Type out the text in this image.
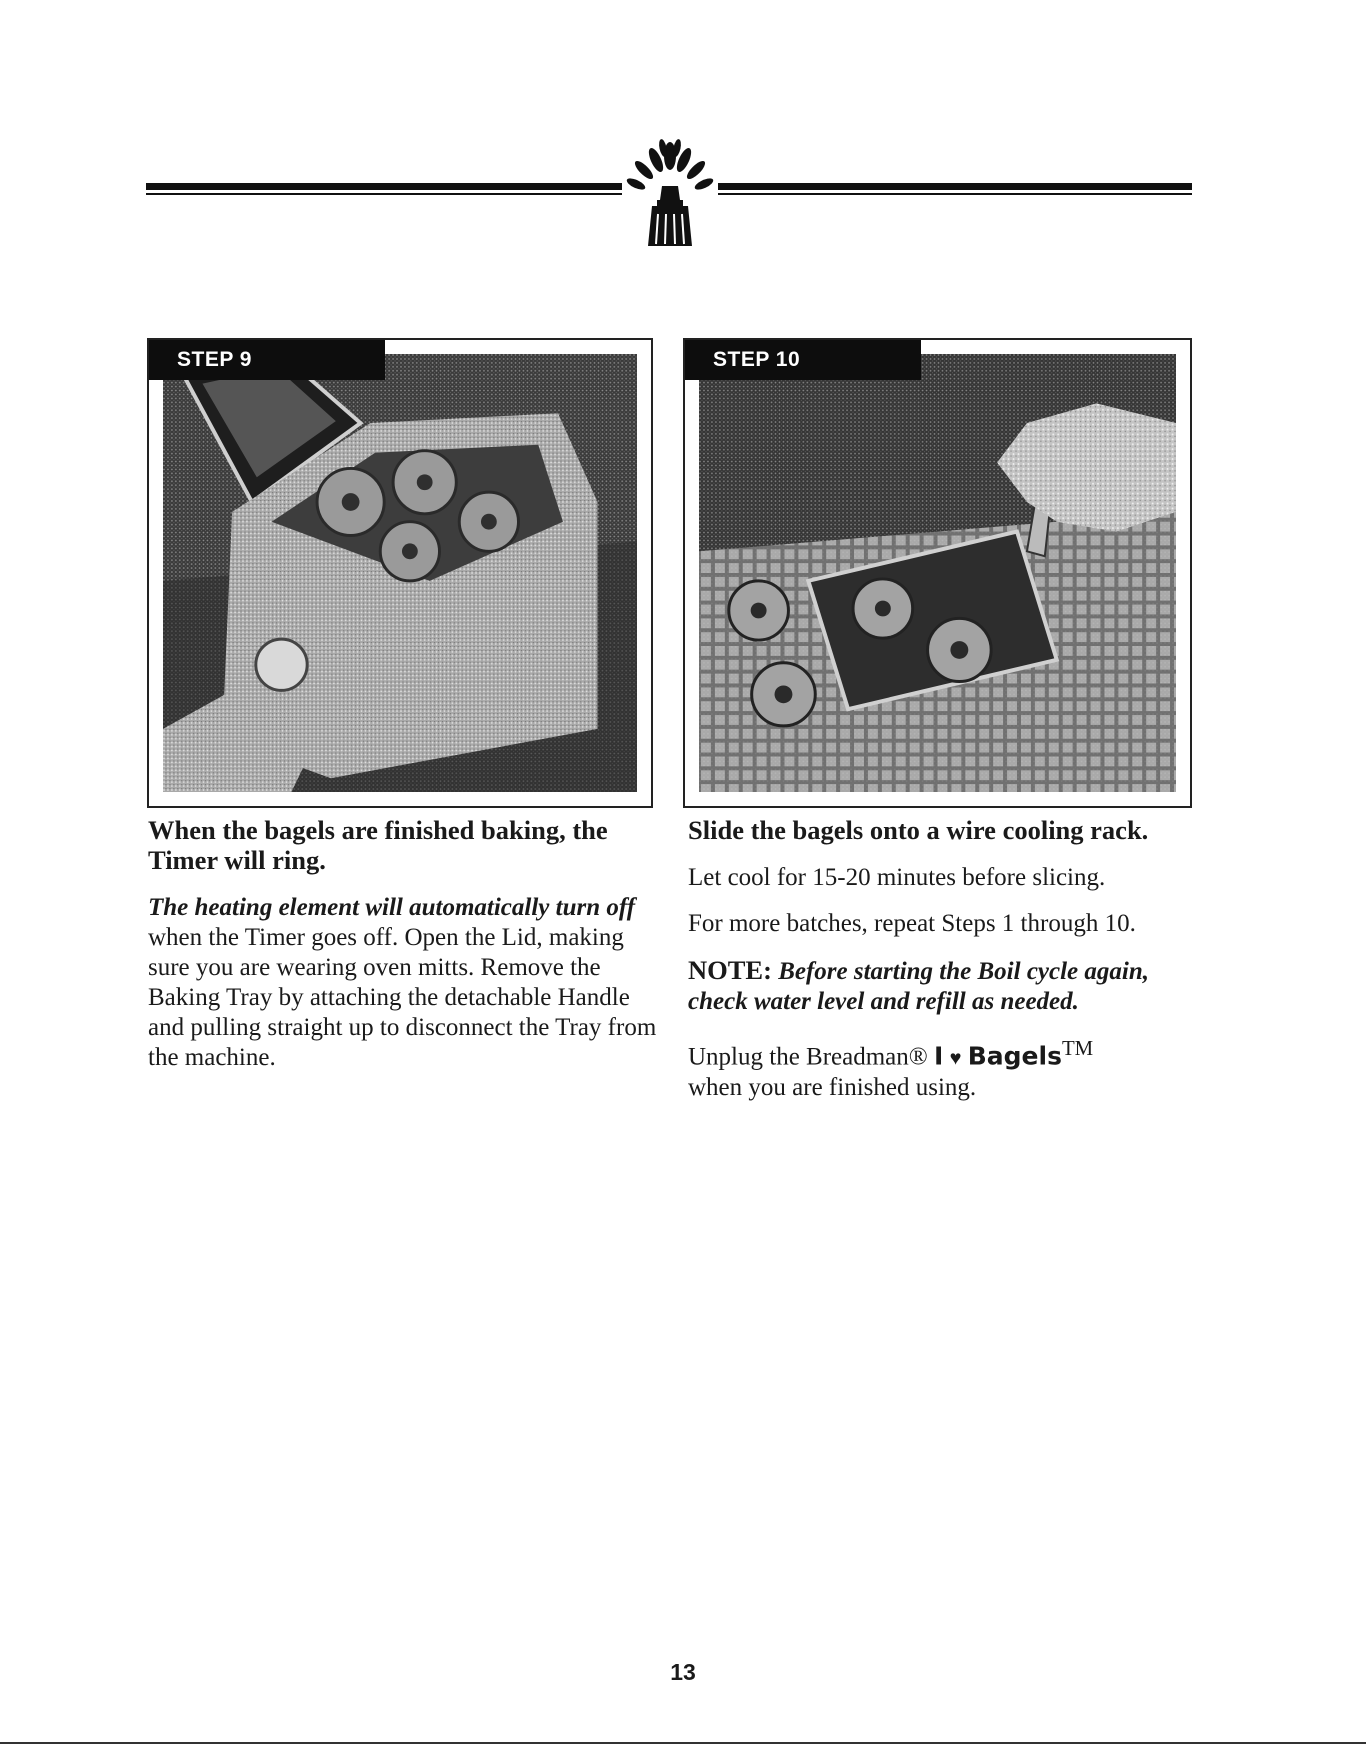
STEP 9	STEP 10

When the bagels are finished baking, the Timer will ring.

The heating element will automatically turn off when the Timer goes off. Open the Lid, making sure you are wearing oven mitts. Remove the Baking Tray by attaching the detachable Handle and pulling straight up to disconnect the Tray from the machine.

Slide the bagels onto a wire cooling rack.

Let cool for 15-20 minutes before slicing.

For more batches, repeat Steps 1 through 10.

NOTE: Before starting the Boil cycle again, check water level and refill as needed.

Unplug the Breadman® I ♥ Bagels™
when you are finished using.

13
